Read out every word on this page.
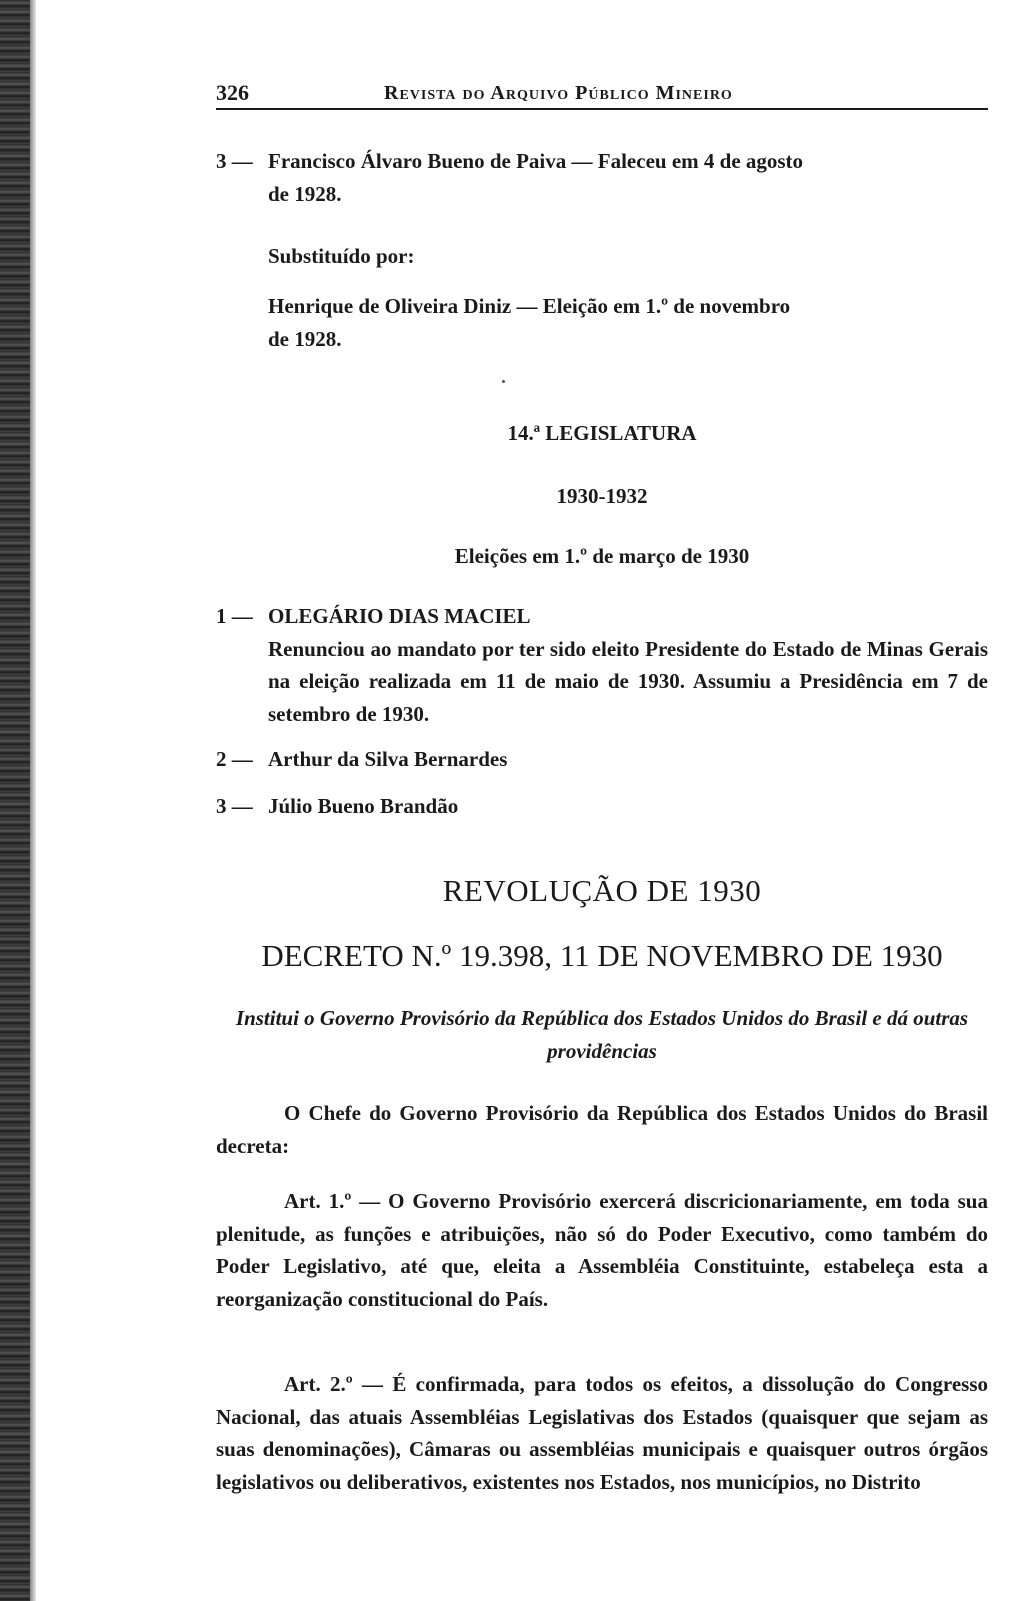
326	Revista do Arquivo Público Mineiro
3 — Francisco Álvaro Bueno de Paiva — Faleceu em 4 de agosto
de 1928.
Substituído por:
Henrique de Oliveira Diniz — Eleição em 1.º de novembro
de 1928.
14.ª LEGISLATURA
1930-1932
Eleições em 1.º de março de 1930
1 — OLEGÁRIO DIAS MACIEL
Renunciou ao mandato por ter sido eleito Presidente do Estado de Minas Gerais na eleição realizada em 11 de maio de 1930. Assumiu a Presidência em 7 de setembro de 1930.
2 — Arthur da Silva Bernardes
3 — Júlio Bueno Brandão
REVOLUÇÃO DE 1930
DECRETO N.º 19.398, 11 DE NOVEMBRO DE 1930
Institui o Governo Provisório da República dos Estados Unidos do Brasil e dá outras providências
O Chefe do Governo Provisório da República dos Estados Unidos do Brasil decreta:
Art. 1.º — O Governo Provisório exercerá discricionariamente, em toda sua plenitude, as funções e atribuições, não só do Poder Executivo, como também do Poder Legislativo, até que, eleita a Assembléia Constituinte, estabeleça esta a reorganização constitucional do País.
Art. 2.º — É confirmada, para todos os efeitos, a dissolução do Congresso Nacional, das atuais Assembléias Legislativas dos Estados (quaisquer que sejam as suas denominações), Câmaras ou assembléias municipais e quaisquer outros órgãos legislativos ou deliberativos, existentes nos Estados, nos municípios, no Distrito
